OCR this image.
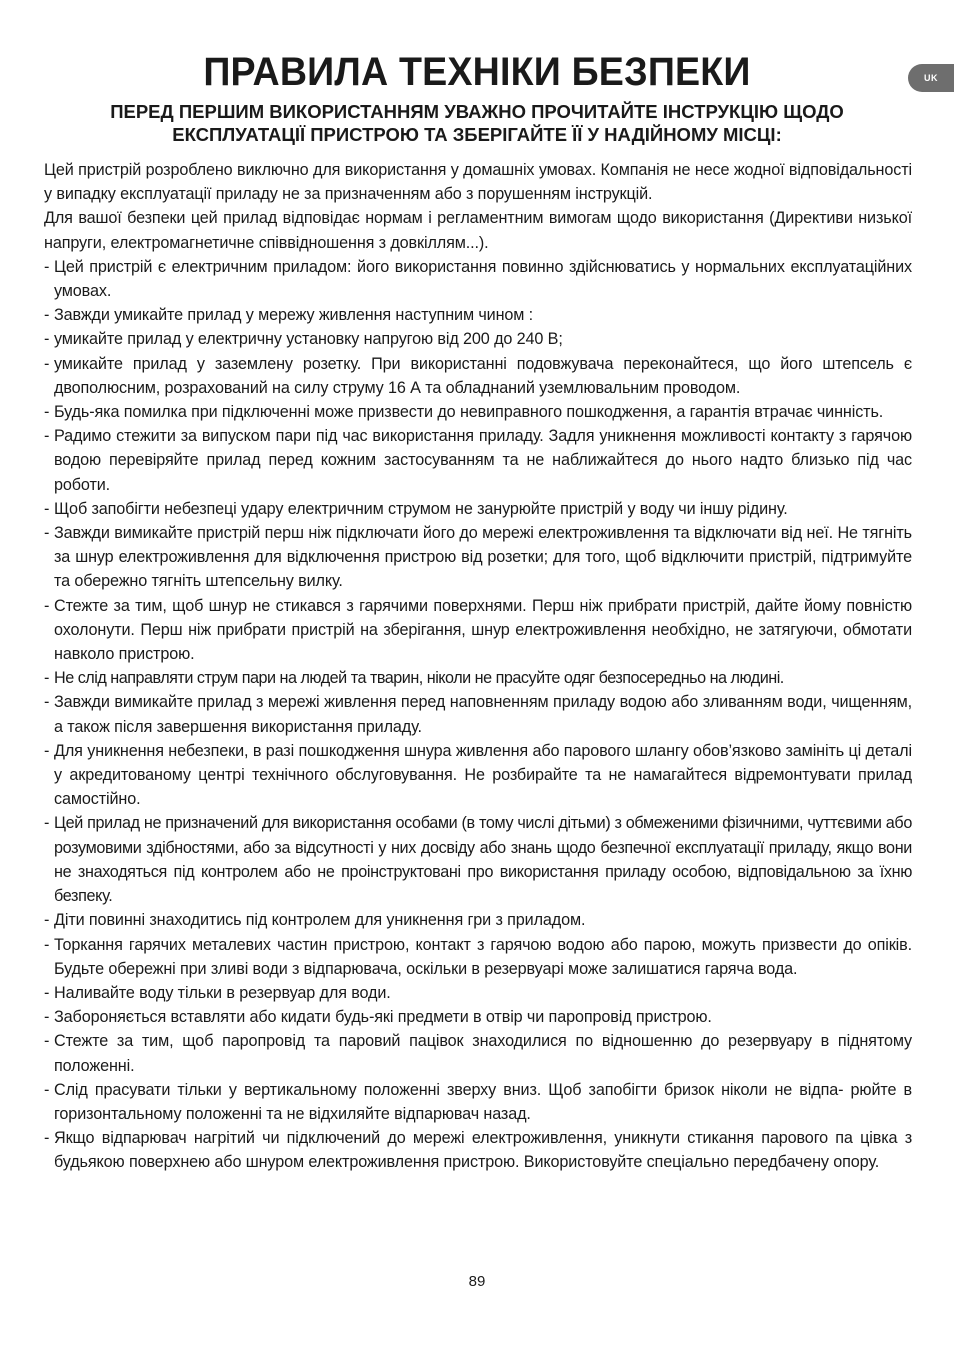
UK
ПРАВИЛА ТЕХНІКИ БЕЗПЕКИ
ПЕРЕД ПЕРШИМ ВИКОРИСТАННЯМ УВАЖНО ПРОЧИТАЙТЕ ІНСТРУКЦІЮ ЩОДО ЕКСПЛУАТАЦІЇ ПРИСТРОЮ ТА ЗБЕРІГАЙТЕ ЇЇ У НАДІЙНОМУ МІСЦІ:

Цей пристрій розроблено виключно для використання у домашніх умовах. Компанія не несе жодної відповідальності у випадку експлуатації приладу не за призначенням або з порушенням інструкцій.

Для вашої безпеки цей прилад відповідає нормам і регламентним вимогам щодо використання (Директиви низької напруги, електромагнетичне співвідношення з довкіллям...).

- Цей пристрій є електричним приладом: його використання повинно здійснюватись у нормальних експлуатаційних умовах.
- Завжди умикайте прилад у мережу живлення наступним чином :
- умикайте прилад у електричну установку напругою від 200 до 240 В;
- умикайте прилад у заземлену розетку. При використанні подовжувача переконайтеся, що його штепсель є двополюсним, розрахований на силу струму 16 А та обладнаний уземлювальним проводом.
- Будь-яка помилка при підключенні може призвести до невиправного пошкодження, а гарантія втрачає чинність.
- Радимо стежити за випуском пари під час використання приладу. Задля уникнення можливості контакту з гарячою водою перевіряйте прилад перед кожним застосуванням та не наближайтеся до нього надто близько під час роботи.
- Щоб запобігти небезпеці удару електричним струмом не занурюйте пристрій у воду чи іншу рідину.
- Завжди вимикайте пристрій перш ніж підключати його до мережі електроживлення та відключати від неї. Не тягніть за шнур електроживлення для відключення пристрою від розетки; для того, щоб відключити пристрій, підтримуйте та обережно тягніть штепсельну вилку.
- Стежте за тим, щоб шнур не стикався з гарячими поверхнями. Перш ніж прибрати пристрій, дайте йому повністю охолонути. Перш ніж прибрати пристрій на зберігання, шнур електроживлення необхідно, не затягуючи, обмотати навколо пристрою.
- Не слід направляти струм пари на людей та тварин, ніколи не прасуйте одяг безпосередньо на людині.
- Завжди вимикайте прилад з мережі живлення перед наповненням приладу водою або зливанням води, чищенням, а також після завершення використання приладу.
- Для уникнення небезпеки, в разі пошкодження шнура живлення або парового шлангу обов’язково замініть ці деталі у акредитованому центрі технічного обслуговування. Не розбирайте та не намагайтеся відремонтувати прилад самостійно.
- Цей прилад не призначений для використання особами (в тому числі дітьми) з обмеженими фізичними, чуттєвими або розумовими здібностями, або за відсутності у них досвіду або знань щодо безпечної експлуатації приладу, якщо вони не знаходяться під контролем або не проінструктовані про використання приладу особою, відповідальною за їхню безпеку.
- Діти повинні знаходитись під контролем для уникнення гри з приладом.
- Торкання гарячих металевих частин пристрою, контакт з гарячою водою або парою, можуть призвести до опіків. Будьте обережні при зливі води з відпарювача, оскільки в резервуарі може залишатися гаряча вода.
- Наливайте воду тільки в резервуар для води.
- Забороняється вставляти або кидати будь-які предмети в отвір чи паропровід пристрою.
- Стежте за тим, щоб паропровід та паровий пацівок знаходилися по відношенню до резервуару в піднятому положенні.
- Слід прасувати тільки у вертикальному положенні зверху вниз. Щоб запобігти бризок ніколи не відпа- рюйте в горизонтальному положенні та не відхиляйте відпарювач назад.
- Якщо відпарювач нагрітий чи підключений до мережі електроживлення, уникнути стикання парового па цівка з будьякою поверхнею або шнуром електроживлення пристрою. Використовуйте спеціально передбачену опору.
89
